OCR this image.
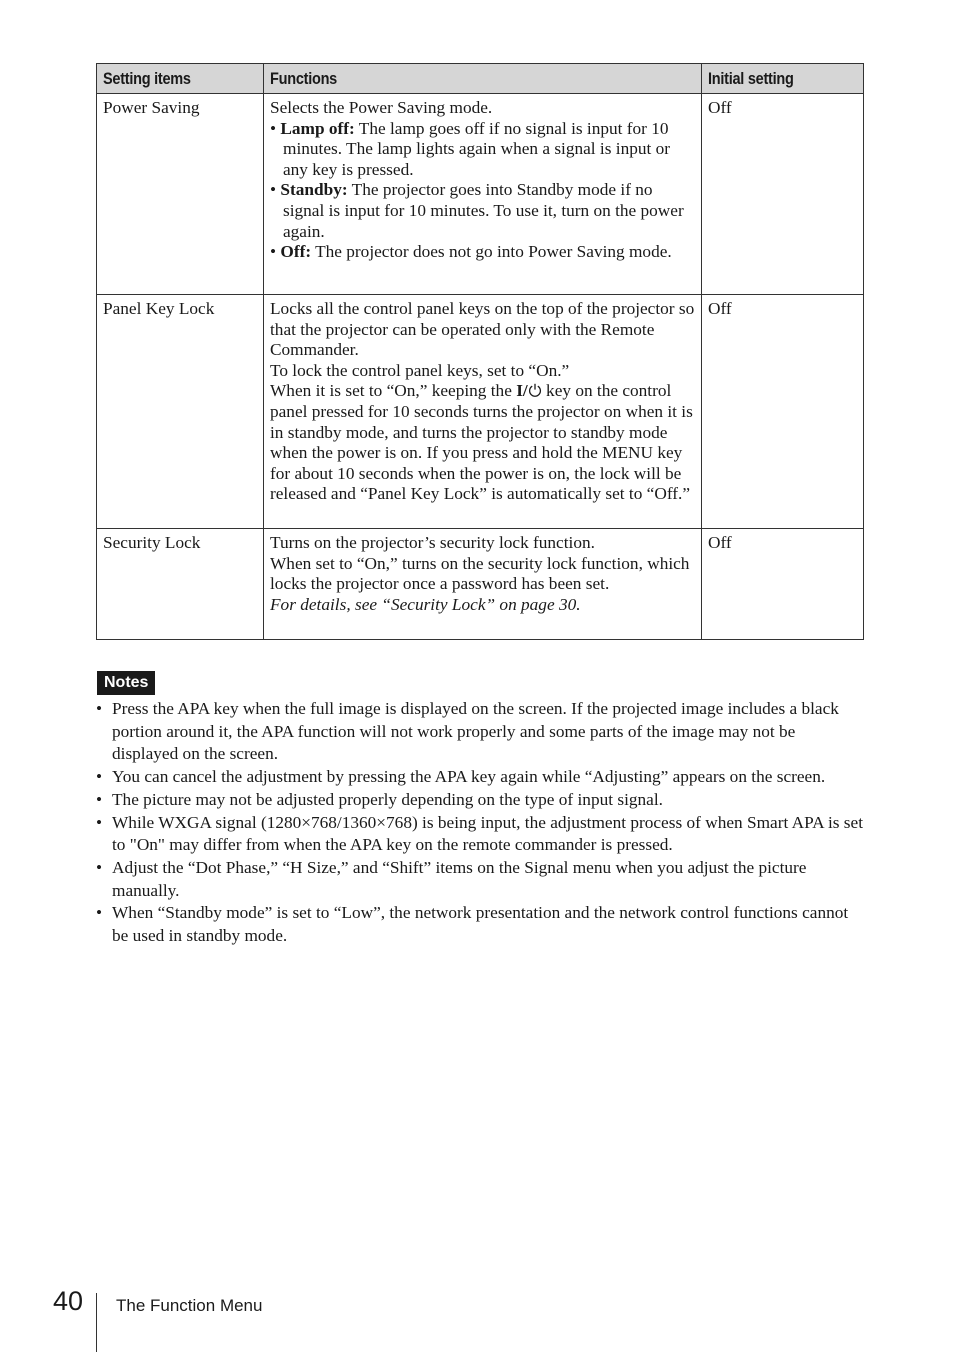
Setting items	Functions	Initial setting
Power Saving	Selects the Power Saving mode.
• Lamp off: The lamp goes off if no signal is input for 10 minutes. The lamp lights again when a signal is input or any key is pressed.
• Standby: The projector goes into Standby mode if no signal is input for 10 minutes. To use it, turn on the power again.
• Off: The projector does not go into Power Saving mode.	Off
Panel Key Lock	Locks all the control panel keys on the top of the projector so that the projector can be operated only with the Remote Commander.
To lock the control panel keys, set to “On.”
When it is set to “On,” keeping the I/ key on the control panel pressed for 10 seconds turns the projector on when it is in standby mode, and turns the projector to standby mode when the power is on. If you press and hold the MENU key for about 10 seconds when the power is on, the lock will be released and “Panel Key Lock” is automatically set to “Off.”	Off
Security Lock	Turns on the projector’s security lock function.
When set to “On,” turns on the security lock function, which locks the projector once a password has been set.
For details, see “Security Lock” on page 30.	Off
Notes
• Press the APA key when the full image is displayed on the screen. If the projected image includes a black portion around it, the APA function will not work properly and some parts of the image may not be displayed on the screen.
• You can cancel the adjustment by pressing the APA key again while “Adjusting” appears on the screen.
• The picture may not be adjusted properly depending on the type of input signal.
• While WXGA signal (1280×768/1360×768) is being input, the adjustment process of when Smart APA is set to "On" may differ from when the APA key on the remote commander is pressed.
• Adjust the “Dot Phase,” “H Size,” and “Shift” items on the Signal menu when you adjust the picture manually.
• When “Standby mode” is set to “Low”, the network presentation and the network control functions cannot be used in standby mode.
40 The Function Menu
